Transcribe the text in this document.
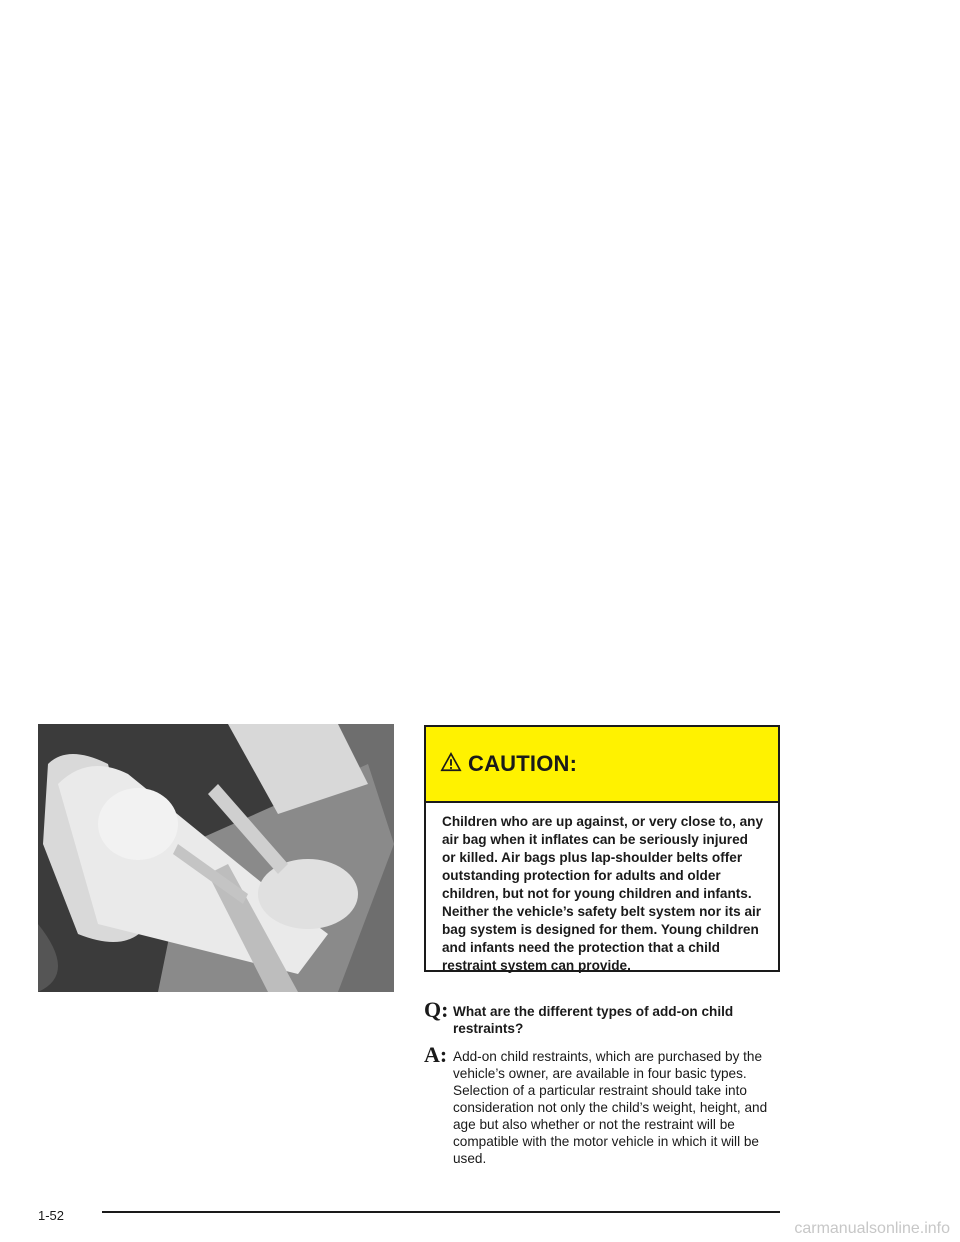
CAUTION:
Children who are up against, or very close to, any air bag when it inflates can be seriously injured or killed. Air bags plus lap-shoulder belts offer outstanding protection for adults and older children, but not for young children and infants. Neither the vehicle’s safety belt system nor its air bag system is designed for them. Young children and infants need the protection that a child restraint system can provide.
Q: What are the different types of add-on child restraints?
A: Add-on child restraints, which are purchased by the vehicle’s owner, are available in four basic types. Selection of a particular restraint should take into consideration not only the child’s weight, height, and age but also whether or not the restraint will be compatible with the motor vehicle in which it will be used.
1-52
carmanualsonline.info
